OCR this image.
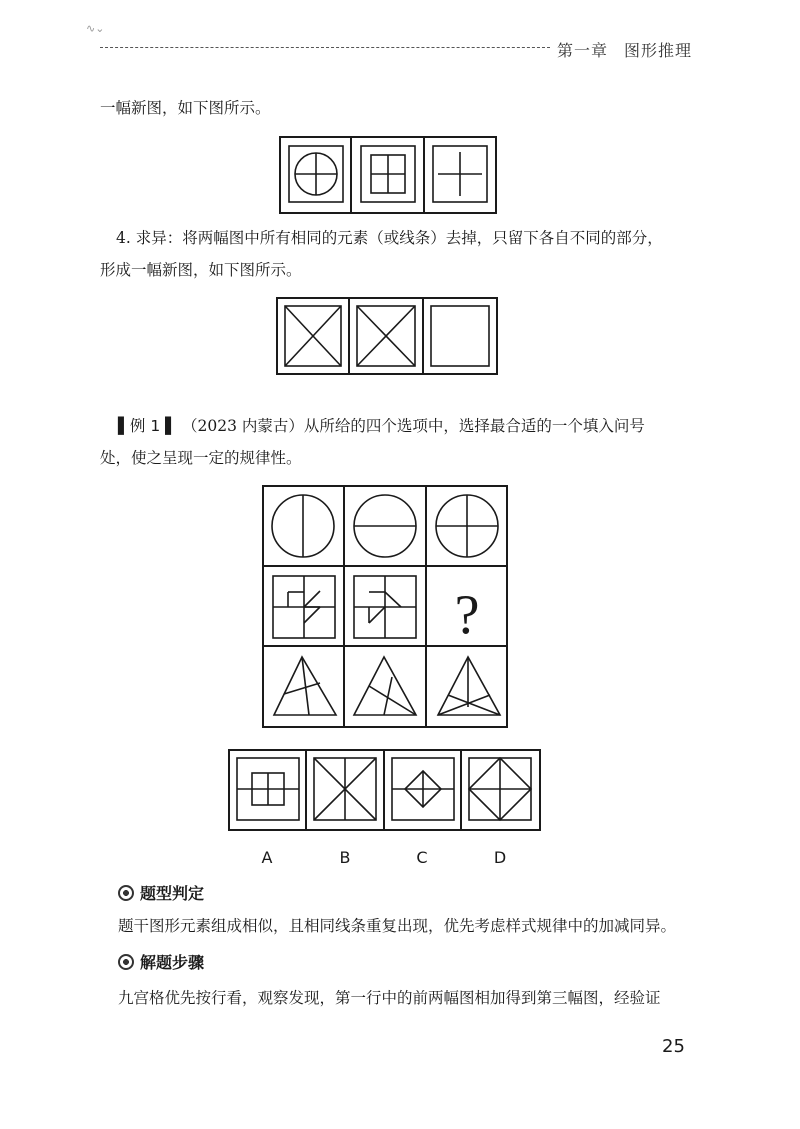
∿⌄
第一章 图形推理
一幅新图，如下图所示。
4. 求异：将两幅图中所有相同的元素（或线条）去掉，只留下各自不同的部分，
形成一幅新图，如下图所示。
▌例 1 ▌ （2023 内蒙古）从所给的四个选项中，选择最合适的一个填入问号
处，使之呈现一定的规律性。
?
A	B	C	D
题型判定
题干图形元素组成相似，且相同线条重复出现，优先考虑样式规律中的加减同异。
解题步骤
九宫格优先按行看，观察发现，第一行中的前两幅图相加得到第三幅图，经验证
25
